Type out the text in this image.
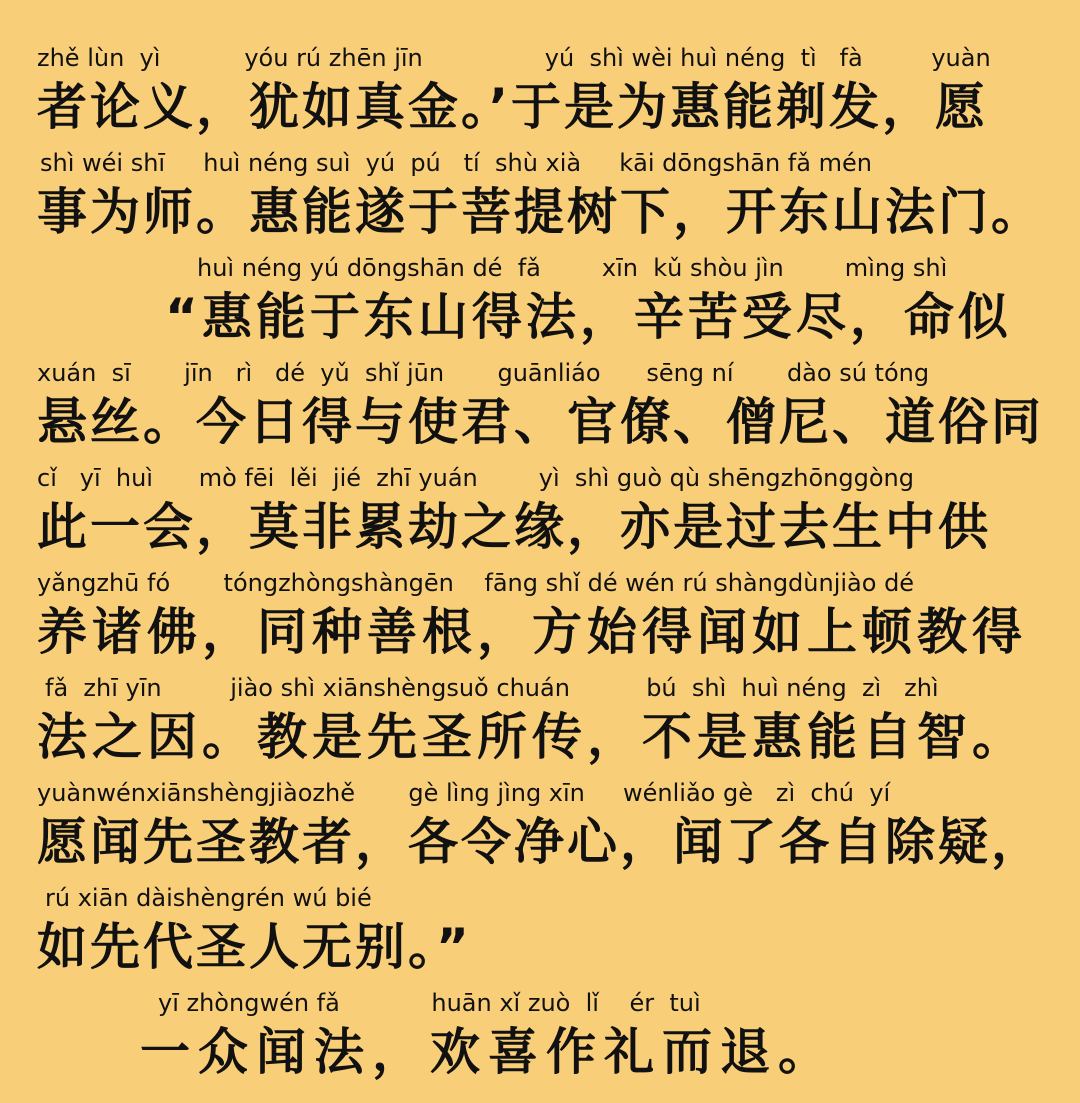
zhě lùn  yì           yóu rú zhēn jīn                yú  shì wèi huì néng  tì   fà         yuàn
者论义，犹如真金。’于是为惠能剃发，愿
shì wéi shī     huì néng suì  yú  pú   tí  shù xià     kāi dōngshān fǎ mén
事为师。惠能遂于菩提树下，开东山法门。
huì néng yú dōngshān dé  fǎ        xīn  kǔ shòu jìn        mìng shì
“惠能于东山得法，辛苦受尽，命似
xuán  sī       jīn   rì   dé  yǔ  shǐ jūn       guānliáo      sēng ní       dào sú tóng
悬丝。今日得与使君、官僚、僧尼、道俗同
cǐ   yī  huì      mò fēi  lěi  jié  zhī yuán        yì  shì guò qù shēngzhōnggòng
此一会，莫非累劫之缘，亦是过去生中供
yǎngzhū fó       tóngzhòngshàngēn    fāng shǐ dé wén rú shàngdùnjiào dé
养诸佛，同种善根，方始得闻如上顿教得
fǎ  zhī yīn         jiào shì xiānshèngsuǒ chuán          bú  shì  huì néng  zì   zhì
法之因。教是先圣所传，不是惠能自智。
yuànwénxiānshèngjiàozhě       gè lìng jìng xīn     wénliǎo gè   zì  chú  yí
愿闻先圣教者，各令净心，闻了各自除疑，
rú xiān dàishèngrén wú bié
如先代圣人无别。”
yī zhòngwén fǎ            huān xǐ zuò  lǐ    ér  tuì
一众闻法，欢喜作礼而退。
